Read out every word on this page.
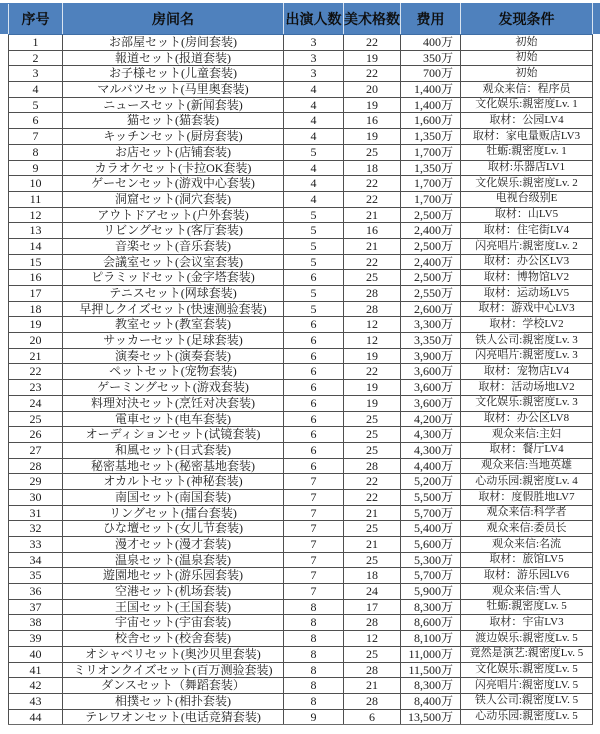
序号	房间名	出演人数	美术格数	费用	发现条件
1	お部屋セット(房间套装)	3	22	400万	初始
2	報道セット(报道套装)	3	19	350万	初始
3	お子様セット(儿童套装)	3	22	700万	初始
4	マルバツセット(马里奥套装)	4	20	1,400万	观众来信：程序员
5	ニュースセット(新闻套装)	4	19	1,400万	文化娱乐:親密度Lv. 1
6	猫セット(猫套装)	4	16	1,600万	取材：公园LV4
7	キッチンセット(厨房套装)	4	19	1,350万	取材：家电量贩店LV3
8	お店セット(店铺套装)	5	25	1,700万	牡蛎:親密度Lv. 1
9	カラオケセット(卡拉OK套装)	4	18	1,350万	取材:乐器店LV1
10	ゲーセンセット(游戏中心套装)	4	22	1,700万	文化娱乐:親密度Lv. 2
11	洞窟セット(洞穴套装)	4	22	1,700万	电视台级别E
12	アウトドアセット(户外套装)	5	21	2,500万	取材：山LV5
13	リビングセット(客厅套装)	5	16	2,400万	取材：住宅街LV4
14	音楽セット(音乐套装)	5	21	2,500万	闪亮唱片:親密度Lv. 2
15	会議室セット(会议室套装)	5	22	2,400万	取材：办公区LV3
16	ピラミッドセット(金字塔套装)	6	25	2,500万	取材：博物馆LV2
17	テニスセット(网球套装)	5	28	2,550万	取材：运动场LV5
18	早押しクイズセット(快速测验套装)	5	28	2,600万	取材：游戏中心LV3
19	教室セット(教室套装)	6	12	3,300万	取材：学校LV2
20	サッカーセット(足球套装)	6	12	3,350万	铁人公司:親密度Lv. 3
21	演奏セット(演奏套装)	6	19	3,900万	闪亮唱片:親密度Lv. 3
22	ペットセット(宠物套装)	6	22	3,600万	取材：宠物店LV4
23	ゲーミングセット(游戏套装)	6	19	3,600万	取材：活动场地LV2
24	料理対決セット(烹饪对决套装)	6	19	3,600万	文化娱乐:親密度Lv. 3
25	電車セット(电车套装)	6	25	4,200万	取材：办公区LV8
26	オーディションセット(试镜套装)	6	25	4,300万	观众来信:主妇
27	和風セット(日式套装)	6	25	4,300万	取材：餐厅LV4
28	秘密基地セット(秘密基地套装)	6	28	4,400万	观众来信:当地英雄
29	オカルトセット(神秘套装)	7	22	5,200万	心动乐园:親密度Lv. 4
30	南国セット(南国套装)	7	22	5,500万	取材：度假胜地LV7
31	リングセット(擂台套装)	7	21	5,700万	观众来信:科学者
32	ひな壇セット(女儿节套装)	7	25	5,400万	观众来信:委员长
33	漫才セット(漫才套装)	7	21	5,600万	观众来信:名流
34	温泉セット(温泉套装)	7	25	5,300万	取材：旅馆LV5
35	遊園地セット(游乐园套装)	7	18	5,700万	取材：游乐园LV6
36	空港セット(机场套装)	7	24	5,900万	观众来信:雪人
37	王国セット(王国套装)	8	17	8,300万	牡蛎:親密度Lv. 5
38	宇宙セット(宇宙套装)	8	28	8,600万	取材：宇宙LV3
39	校舎セット(校舍套装)	8	12	8,100万	渡边娱乐:親密度Lv. 5
40	オシャベリセット(奥沙贝里套装)	8	25	11,000万	竟然是演艺:親密度Lv. 5
41	ミリオンクイズセット(百万测验套装)	8	28	11,500万	文化娱乐:親密度Lv. 5
42	ダンスセット（舞蹈套装）	8	21	8,300万	闪亮唱片:親密度LV. 5
43	相撲セット(相扑套装)	8	28	8,400万	铁人公司:親密度LV. 5
44	テレワオンセット(电话竞猜套装)	9	6	13,500万	心动乐园:親密度Lv. 5
